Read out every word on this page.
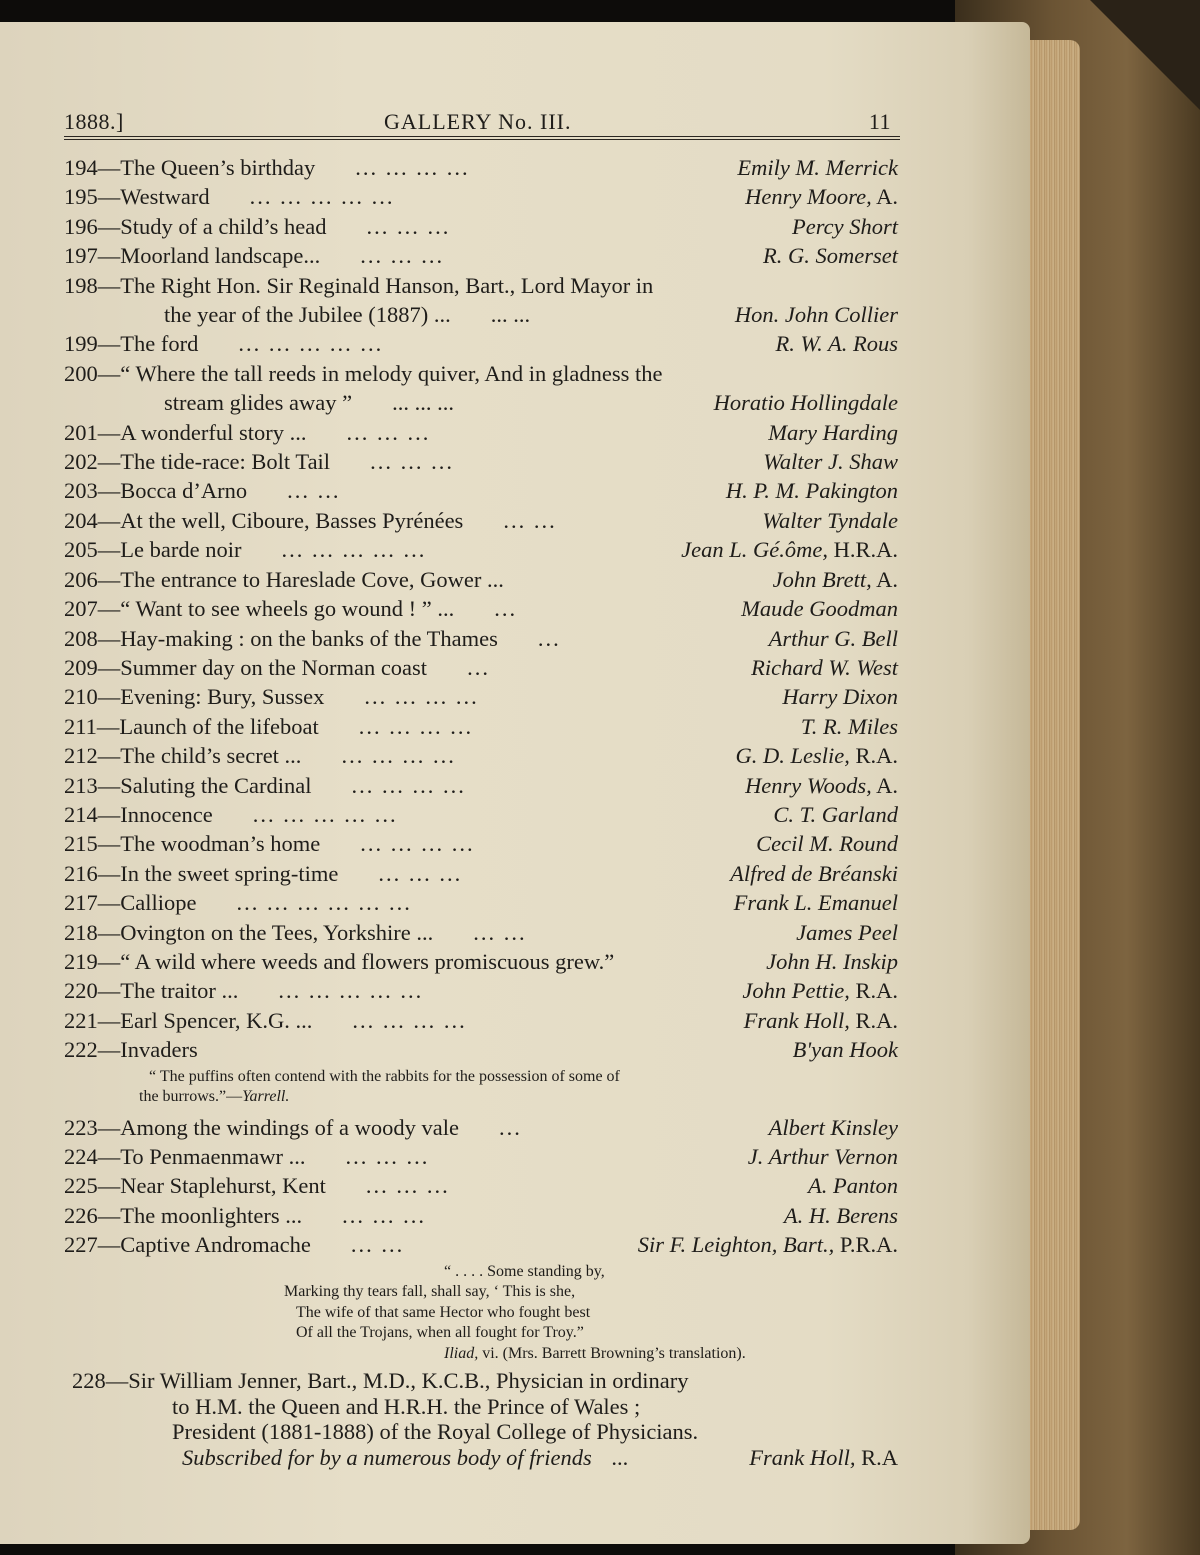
1888.]	GALLERY No. III.	11
194—The Queen’s birthday ... ... ... ...	Emily M. Merrick
195—Westward ... ... ... ... ...	Henry Moore, A.
196—Study of a child’s head ... ... ...	Percy Short
197—Moorland landscape... ... ... ...	R. G. Somerset
198—The Right Hon. Sir Reginald Hanson, Bart., Lord Mayor in
the year of the Jubilee (1887) ... ... ...	Hon. John Collier
199—The ford ... ... ... ... ...	R. W. A. Rous
200—“ Where the tall reeds in melody quiver, And in gladness the
stream glides away ” ... ... ...	Horatio Hollingdale
201—A wonderful story ... ... ... ...	Mary Harding
202—The tide-race: Bolt Tail ... ... ...	Walter J. Shaw
203—Bocca d’Arno ... ...	H. P. M. Pakington
204—At the well, Ciboure, Basses Pyrénées ... ...	Walter Tyndale
205—Le barde noir ... ... ... ... ...	Jean L. Gé.ôme, H.R.A.
206—The entrance to Hareslade Cove, Gower ...	John Brett, A.
207—“ Want to see wheels go wound ! ” ... ...	Maude Goodman
208—Hay-making : on the banks of the Thames ...	Arthur G. Bell
209—Summer day on the Norman coast ...	Richard W. West
210—Evening: Bury, Sussex ... ... ... ...	Harry Dixon
211—Launch of the lifeboat ... ... ... ...	T. R. Miles
212—The child’s secret ... ... ... ... ...	G. D. Leslie, R.A.
213—Saluting the Cardinal ... ... ... ...	Henry Woods, A.
214—Innocence ... ... ... ... ...	C. T. Garland
215—The woodman’s home ... ... ... ...	Cecil M. Round
216—In the sweet spring-time ... ... ...	Alfred de Bréanski
217—Calliope ... ... ... ... ... ...	Frank L. Emanuel
218—Ovington on the Tees, Yorkshire ... ... ...	James Peel
219—“ A wild where weeds and flowers promiscuous grew.”	John H. Inskip
220—The traitor ... ... ... ... ... ...	John Pettie, R.A.
221—Earl Spencer, K.G. ... ... ... ... ...	Frank Holl, R.A.
222—Invaders	B'yan Hook
“ The puffins often contend with the rabbits for the possession of some of
the burrows.”—Yarrell.
223—Among the windings of a woody vale ...	Albert Kinsley
224—To Penmaenmawr ... ... ... ...	J. Arthur Vernon
225—Near Staplehurst, Kent ... ... ...	A. Panton
226—The moonlighters ... ... ... ...	A. H. Berens
227—Captive Andromache ... ...	Sir F. Leighton, Bart., P.R.A.
“ . . . . Some standing by,
Marking thy tears fall, shall say, ‘ This is she,
The wife of that same Hector who fought best
Of all the Trojans, when all fought for Troy.”
Iliad, vi. (Mrs. Barrett Browning’s translation).
228—Sir William Jenner, Bart., M.D., K.C.B., Physician in ordinary
to H.M. the Queen and H.R.H. the Prince of Wales ;
President (1881-1888) of the Royal College of Physicians.
Subscribed for by a numerous body of friends ...	Frank Holl, R.A
